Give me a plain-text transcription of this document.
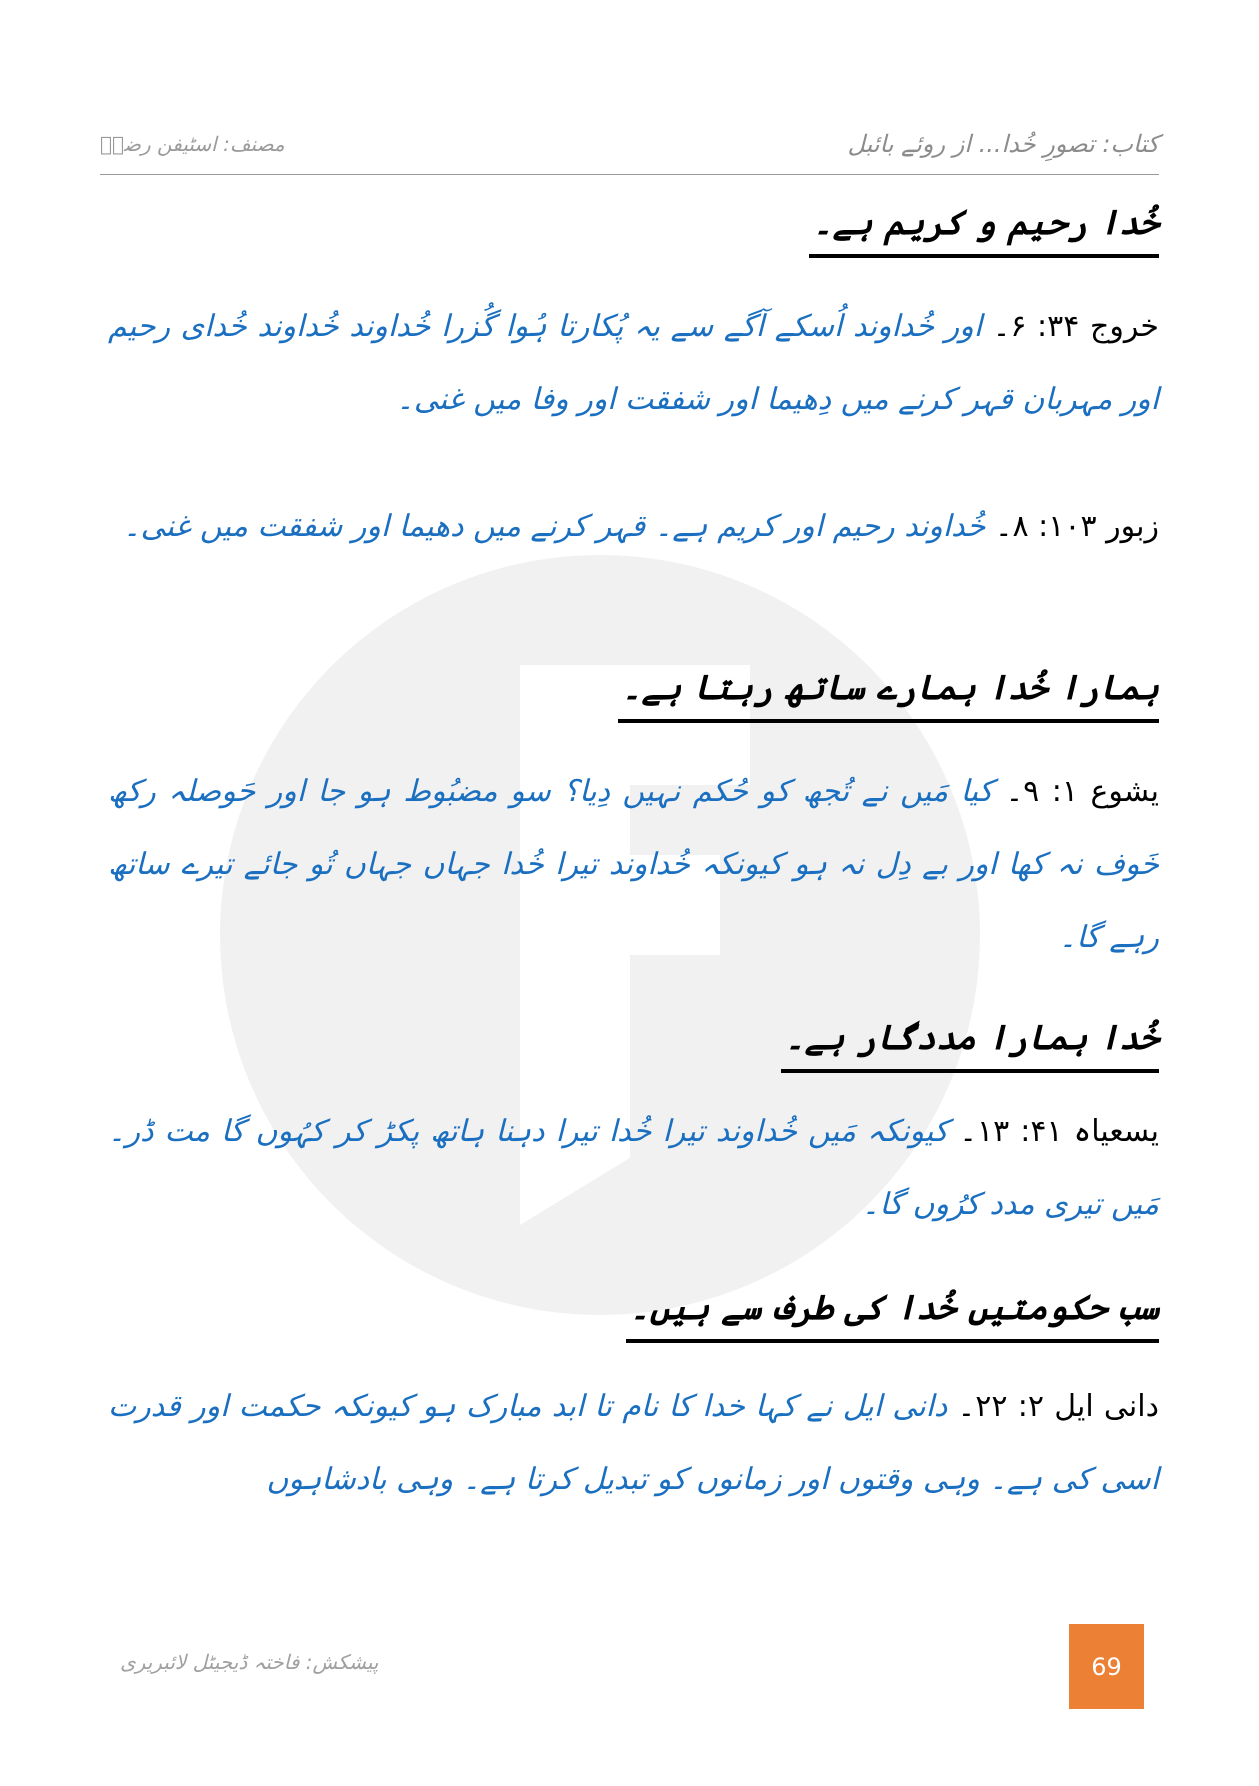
کتاب: تصورِ خُدا... از روئے بائبل
مصنف: اسٹیفن رضاؔ
خُدا رحیم و کریم ہے۔

خروج ۳۴: ۶۔ اور خُداوند اُسکے آگے سے یہ پُکارتا ہُوا گُزرا خُداوند خُداوند خُدای رحیم اور مہربان قہر کرنے میں دِھیما اور شفقت اور وفا میں غنی۔

زبور ۱۰۳: ۸۔ خُداوند رحیم اور کریم ہے۔ قہر کرنے میں دھیما اور شفقت میں غنی۔

ہمارا خُدا ہمارے ساتھ رہتا ہے۔

یشوع ۱: ۹۔ کیا مَیں نے تُجھ کو حُکم نہیں دِیا؟ سو مضبُوط ہو جا اور حَوصلہ رکھ خَوف نہ کھا اور بے دِل نہ ہو کیونکہ خُداوند تیرا خُدا جہاں جہاں تُو جائے تیرے ساتھ رہے گا۔

خُدا ہمارا مددگار ہے۔

یسعیاہ ۴۱: ۱۳۔ کیونکہ مَیں خُداوند تیرا خُدا تیرا دہنا ہاتھ پکڑ کر کہُوں گا مت ڈر۔ مَیں تیری مدد کرُوں گا۔

سب حکومتیں خُدا کی طرف سے ہیں۔

دانی ایل ۲: ۲۲۔ دانی ایل نے کہا خدا کا نام تا ابد مبارک ہو کیونکہ حکمت اور قدرت اسی کی ہے۔ وہی وقتوں اور زمانوں کو تبدیل کرتا ہے۔ وہی بادشاہوں

پیشکش: فاختہ ڈیجیٹل لائبریری	69
